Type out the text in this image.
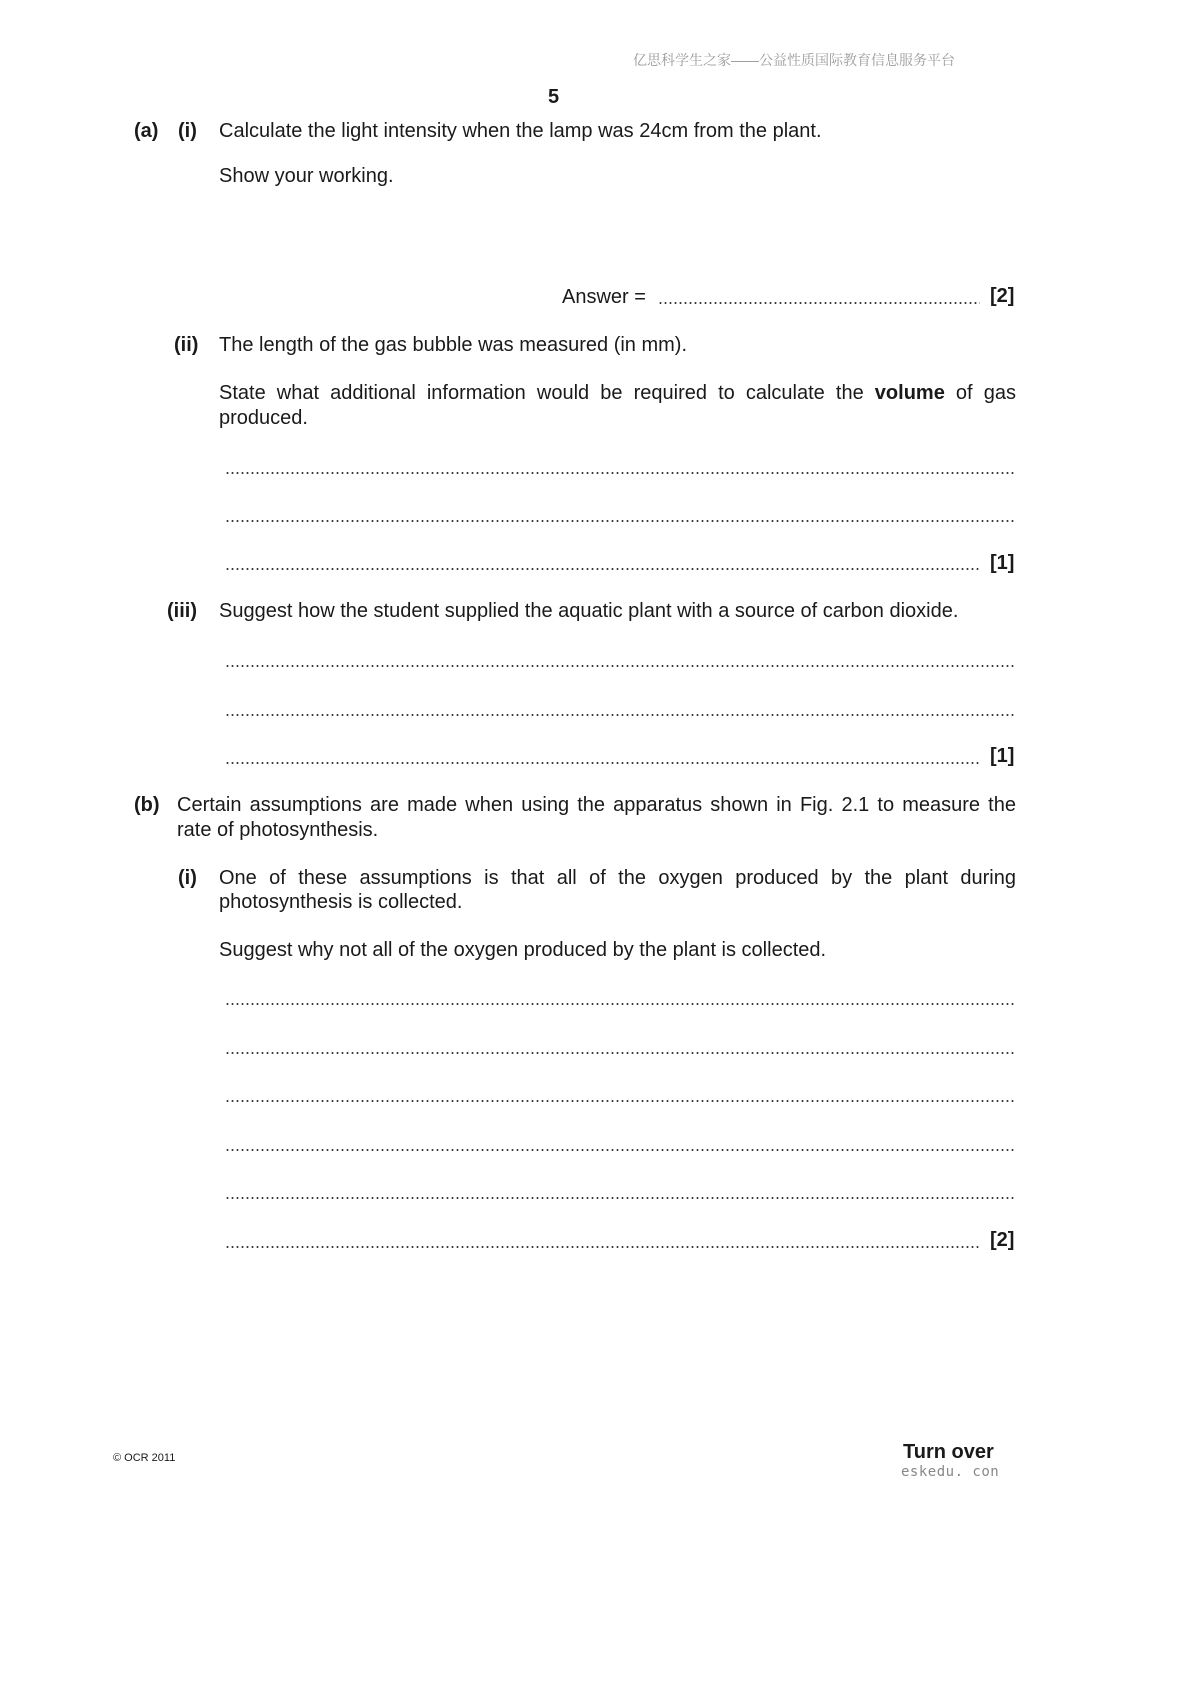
亿思科学生之家——公益性质国际教育信息服务平台
5
(a) (i) Calculate the light intensity when the lamp was 24cm from the plant.
Show your working.
Answer =	[2]
(ii) The length of the gas bubble was measured (in mm).
State what additional information would be required to calculate the volume of gas
produced.
[1]
(iii) Suggest how the student supplied the aquatic plant with a source of carbon dioxide.
[1]
(b) Certain assumptions are made when using the apparatus shown in Fig. 2.1 to measure the
rate of photosynthesis.
(i) One of these assumptions is that all of the oxygen produced by the plant during
photosynthesis is collected.
Suggest why not all of the oxygen produced by the plant is collected.
[2]
© OCR 2011	Turn over
eskedu. con
